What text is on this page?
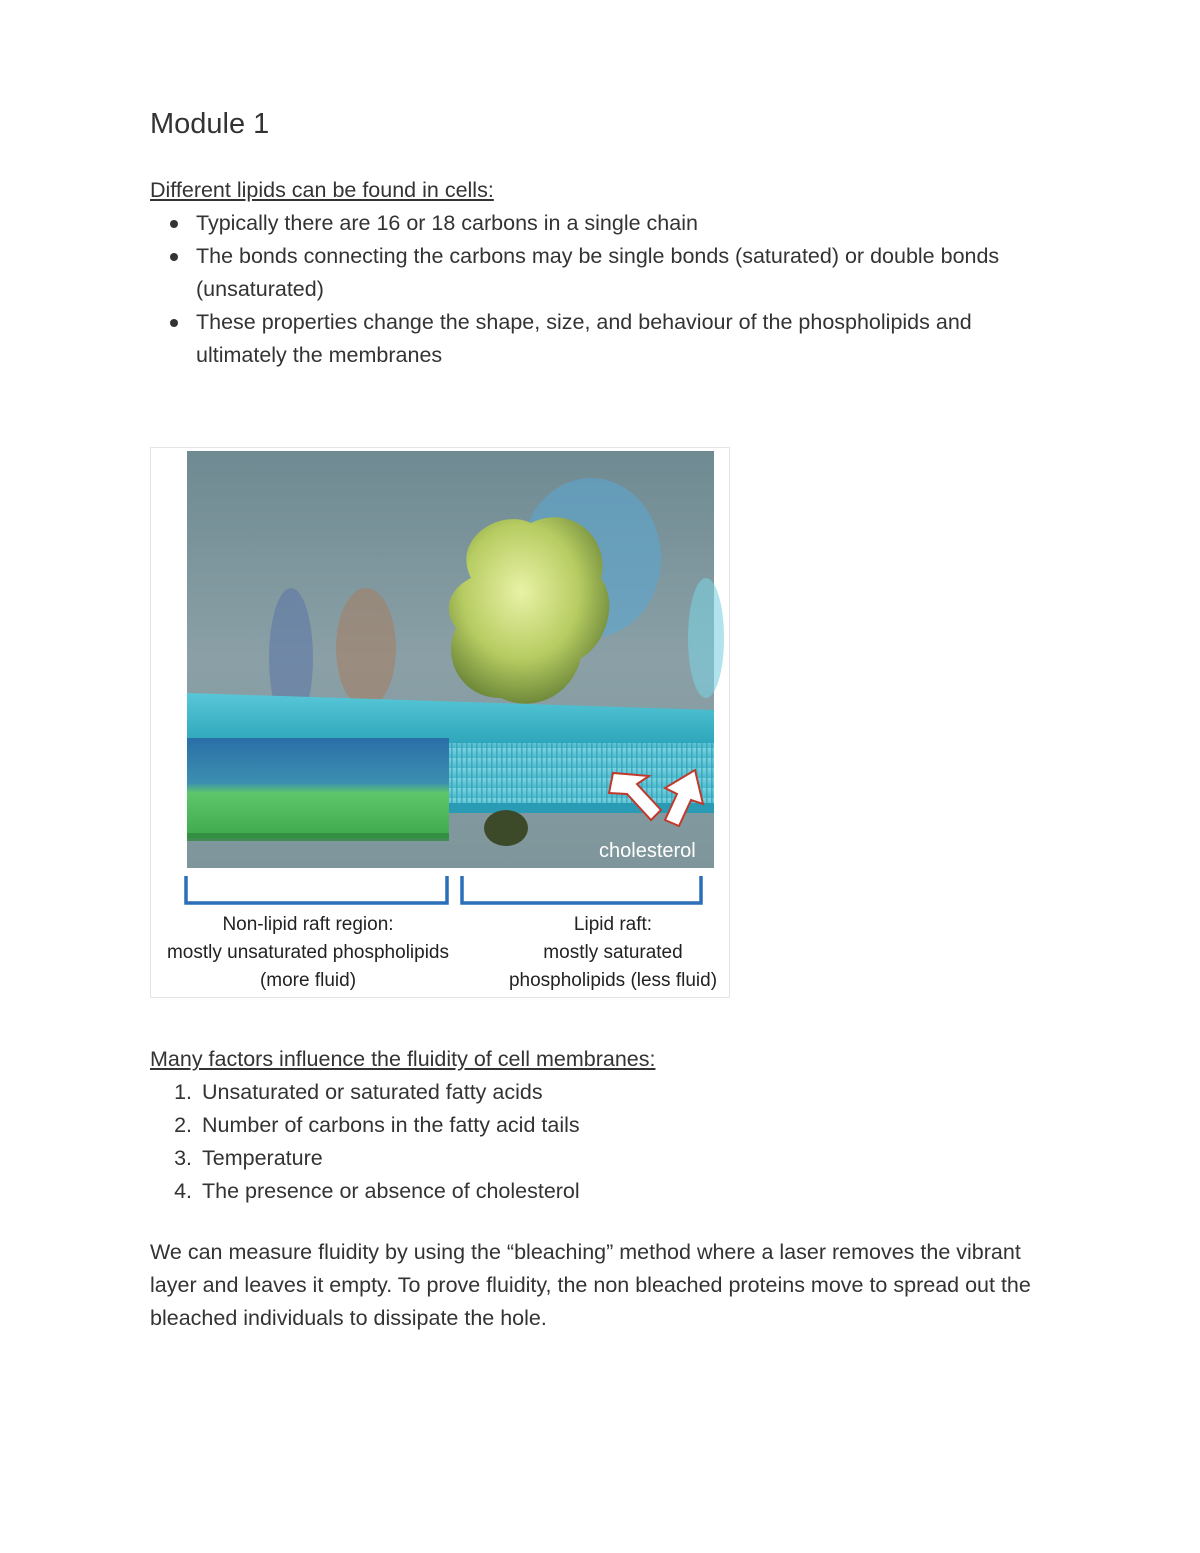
Module 1

Different lipids can be found in cells:

Typically there are 16 or 18 carbons in a single chain
The bonds connecting the carbons may be single bonds (saturated) or double bonds (unsaturated)
These properties change the shape, size, and behaviour of the phospholipids and ultimately the membranes
cholesterol
Non-lipid raft region:
mostly unsaturated phospholipids
(more fluid)
Lipid raft:
mostly saturated
phospholipids (less fluid)

Many factors influence the fluidity of cell membranes:

1. Unsaturated or saturated fatty acids
2. Number of carbons in the fatty acid tails
3. Temperature
4. The presence or absence of cholesterol

We can measure fluidity by using the “bleaching” method where a laser removes the vibrant layer and leaves it empty. To prove fluidity, the non bleached proteins move to spread out the bleached individuals to dissipate the hole.
